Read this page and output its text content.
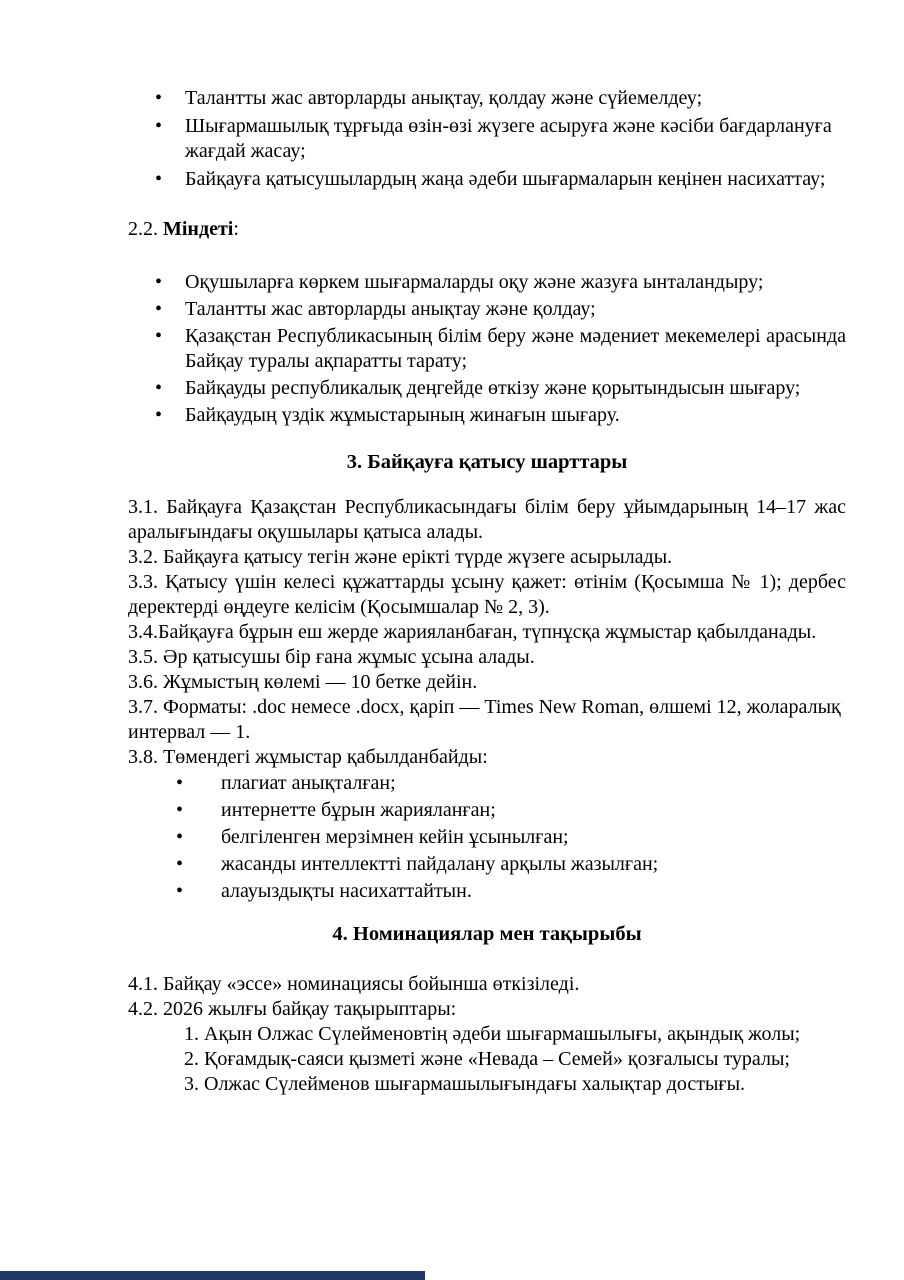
•	Талантты жас авторларды анықтау, қолдау және сүйемелдеу;
•	Шығармашылық тұрғыда өзін-өзі жүзеге асыруға және кәсіби бағдарлануға жағдай жасау;
•	Байқауға қатысушылардың жаңа әдеби шығармаларын кеңінен насихаттау;

2.2. Міндеті:

•	Оқушыларға көркем шығармаларды оқу және жазуға ынталандыру;
•	Талантты жас авторларды анықтау және қолдау;
•	Қазақстан Республикасының білім беру және мәдениет мекемелері арасында Байқау туралы ақпаратты тарату;
•	Байқауды республикалық деңгейде өткізу және қорытындысын шығару;
•	Байқаудың үздік жұмыстарының жинағын шығару.
3. Байқауға қатысу шарттары

3.1. Байқауға Қазақстан Республикасындағы білім беру ұйымдарының 14–17 жас аралығындағы оқушылары қатыса алады.

3.2. Байқауға қатысу тегін және ерікті түрде жүзеге асырылады.

3.3. Қатысу үшін келесі құжаттарды ұсыну қажет: өтінім (Қосымша № 1); дербес деректерді өңдеуге келісім (Қосымшалар № 2, 3).

3.4.Байқауға бұрын еш жерде жарияланбаған, түпнұсқа жұмыстар қабылданады.

3.5. Әр қатысушы бір ғана жұмыс ұсына алады.

3.6. Жұмыстың көлемі — 10 бетке дейін.

3.7. Форматы: .doc немесе .docx, қаріп — Times New Roman, өлшемі 12, жоларалық интервал — 1.

3.8. Төмендегі жұмыстар қабылданбайды:

•	плагиат анықталған;
•	интернетте бұрын жарияланған;
•	белгіленген мерзімнен кейін ұсынылған;
•	жасанды интеллектті пайдалану арқылы жазылған;
•	алауыздықты насихаттайтын.
4. Номинациялар мен тақырыбы

4.1. Байқау «эссе» номинациясы бойынша өткізіледі.

4.2. 2026 жылғы байқау тақырыптары:

1. Ақын Олжас Сүлейменовтің әдеби шығармашылығы, ақындық жолы;

2. Қоғамдық-саяси қызметі және «Невада – Семей» қозғалысы туралы;

3. Олжас Сүлейменов шығармашылығындағы халықтар достығы.
